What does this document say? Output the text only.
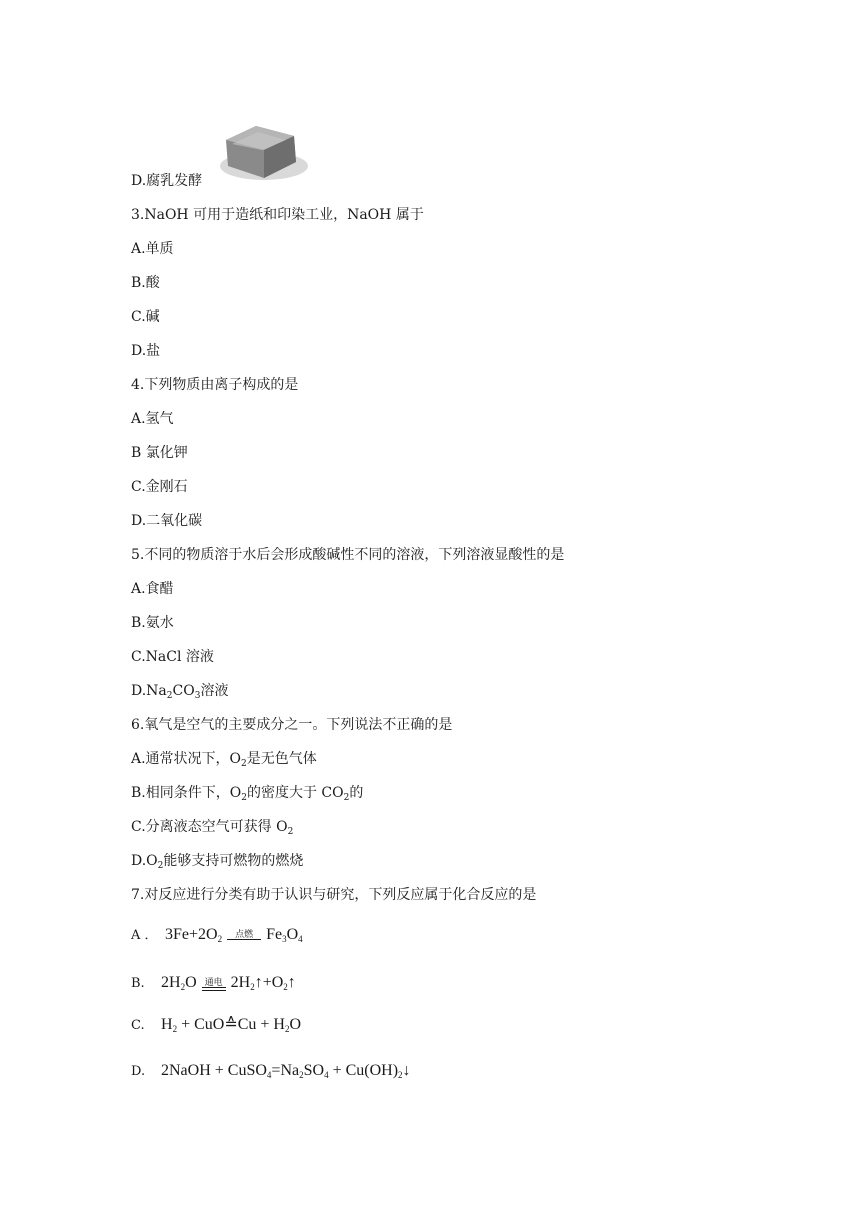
D.腐乳发酵
3.NaOH 可用于造纸和印染工业，NaOH 属于
A.单质
B.酸
C.碱
D.盐
4.下列物质由离子构成的是
A.氢气
B 氯化钾
C.金刚石
D.二氧化碳
5.不同的物质溶于水后会形成酸碱性不同的溶液，下列溶液显酸性的是
A.食醋
B.氨水
C.NaCl 溶液
$D.Na_2CO_3$溶液
6.氧气是空气的主要成分之一。下列说法不正确的是
A.通常状况下，$O_2$是无色气体
B.相同条件下，$O_2$的密度大于 $CO_2$的
C.分离液态空气可获得 $O_2$
$D.O_2$能够支持可燃物的燃烧
7.对反应进行分类有助于认识与研究，下列反应属于化合反应的是
A ． $3Fe+2O_2$ 点燃 $Fe_3O_4$
B. $2H_2O$ 通电 $2H_2↑+O_2↑$
C. $H_2$ + CuO≙Cu + $H_2O$
D. 2NaOH + $CuSO_4=Na_2SO_4$ + $Cu(OH)_2↓$
